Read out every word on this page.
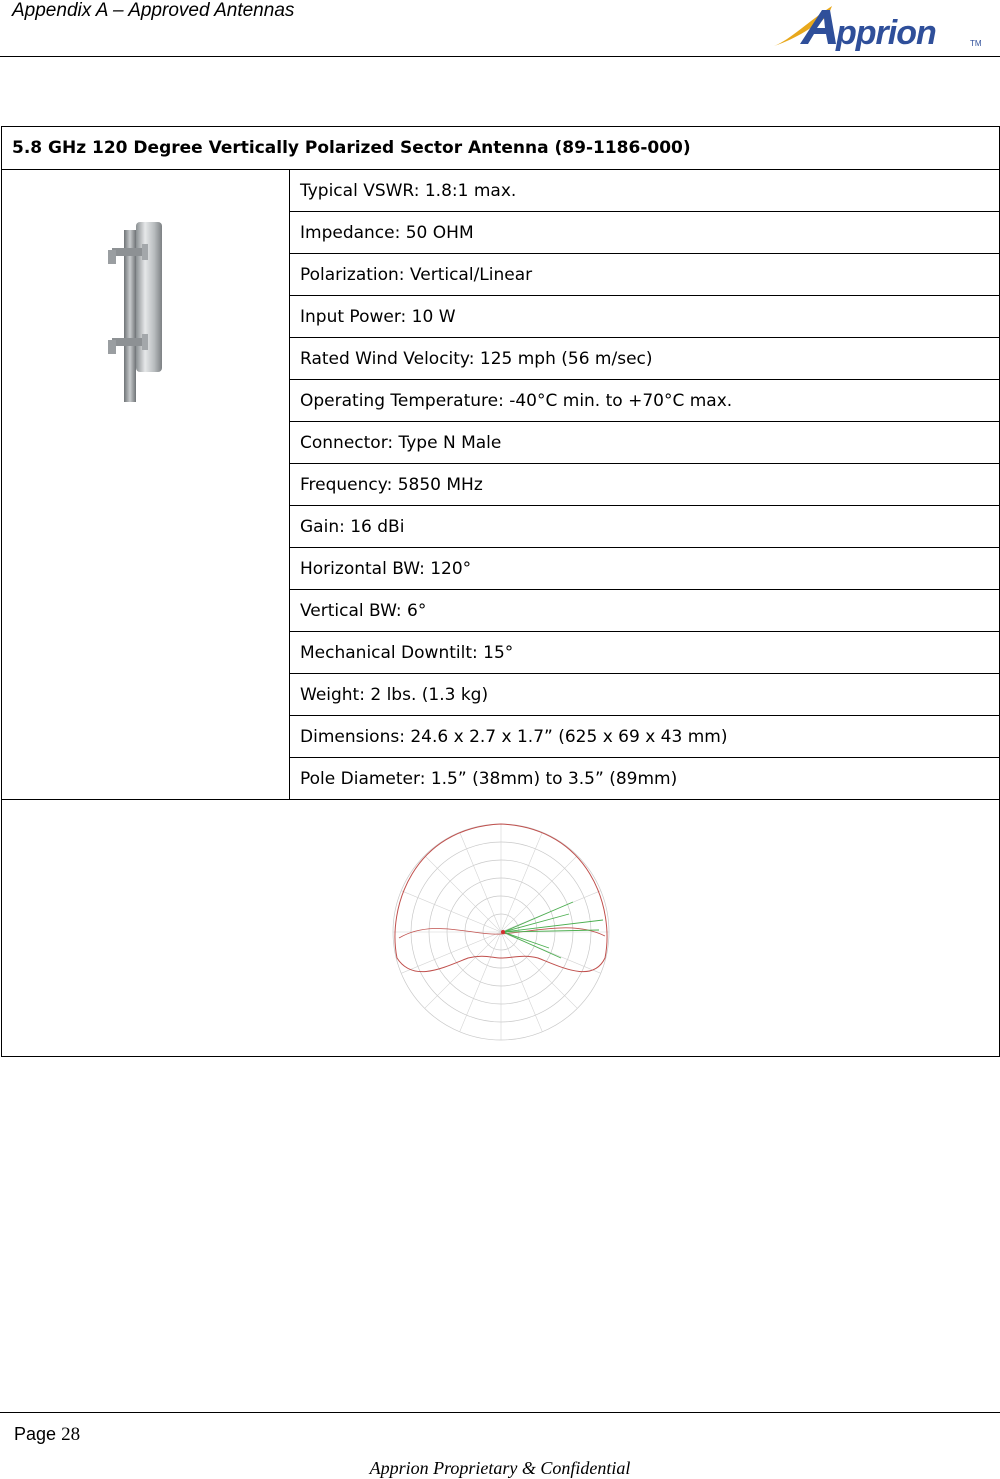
Appendix A – Approved Antennas
pprion	TM
5.8 GHz 120 Degree Vertically Polarized Sector Antenna (89-1186-000)

	Typical VSWR: 1.8:1 max.
Impedance: 50 OHM
Polarization: Vertical/Linear
Input Power: 10 W
Rated Wind Velocity: 125 mph (56 m/sec)
Operating Temperature: -40°C min. to +70°C max.
Connector: Type N Male
Frequency: 5850 MHz
Gain: 16 dBi
Horizontal BW: 120°
Vertical BW: 6°
Mechanical Downtilt: 15°
Weight: 2 lbs. (1.3 kg)
Dimensions: 24.6 x 2.7 x 1.7” (625 x 69 x 43 mm)
Pole Diameter: 1.5” (38mm) to 3.5” (89mm)

Page 28
Apprion Proprietary & Confidential
